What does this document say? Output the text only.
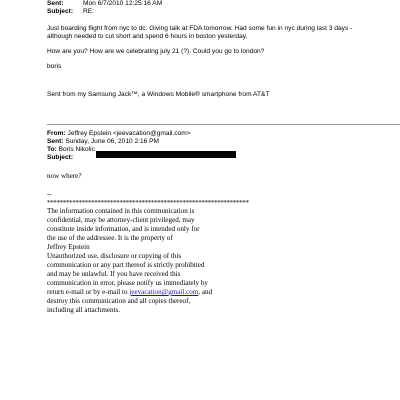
Sent:	Mon 6/7/2010 12:25:16 AM
Subject: RE:
Just boarding flight from nyc to dc. Giving talk at FDA tomorrow. Had some fun in nyc during last 3 days -
although needed to cut short and spend 6 hours in boston yesterday.
How are you? How are we celebrating july 21 (?). Could you go to london?
boris
Sent from my Samsung Jack™, a Windows Mobile® smartphone from AT&T
From: Jeffrey Epstein <jeevacation@gmail.com>
Sent: Sunday, June 06, 2010 2:16 PM
To: Boris Nikolic
Subject:
now where?
--
****************************************************************
The information contained in this communication is
confidential, may be attorney-client privileged, may
constitute inside information, and is intended only for
the use of the addressee. It is the property of
Jeffrey Epstein
Unauthorized use, disclosure or copying of this
communication or any part thereof is strictly prohibited
and may be unlawful. If you have received this
communication in error, please notify us immediately by
return e-mail or by e-mail to jeevacation@gmail.com, and
destroy this communication and all copies thereof,
including all attachments.
